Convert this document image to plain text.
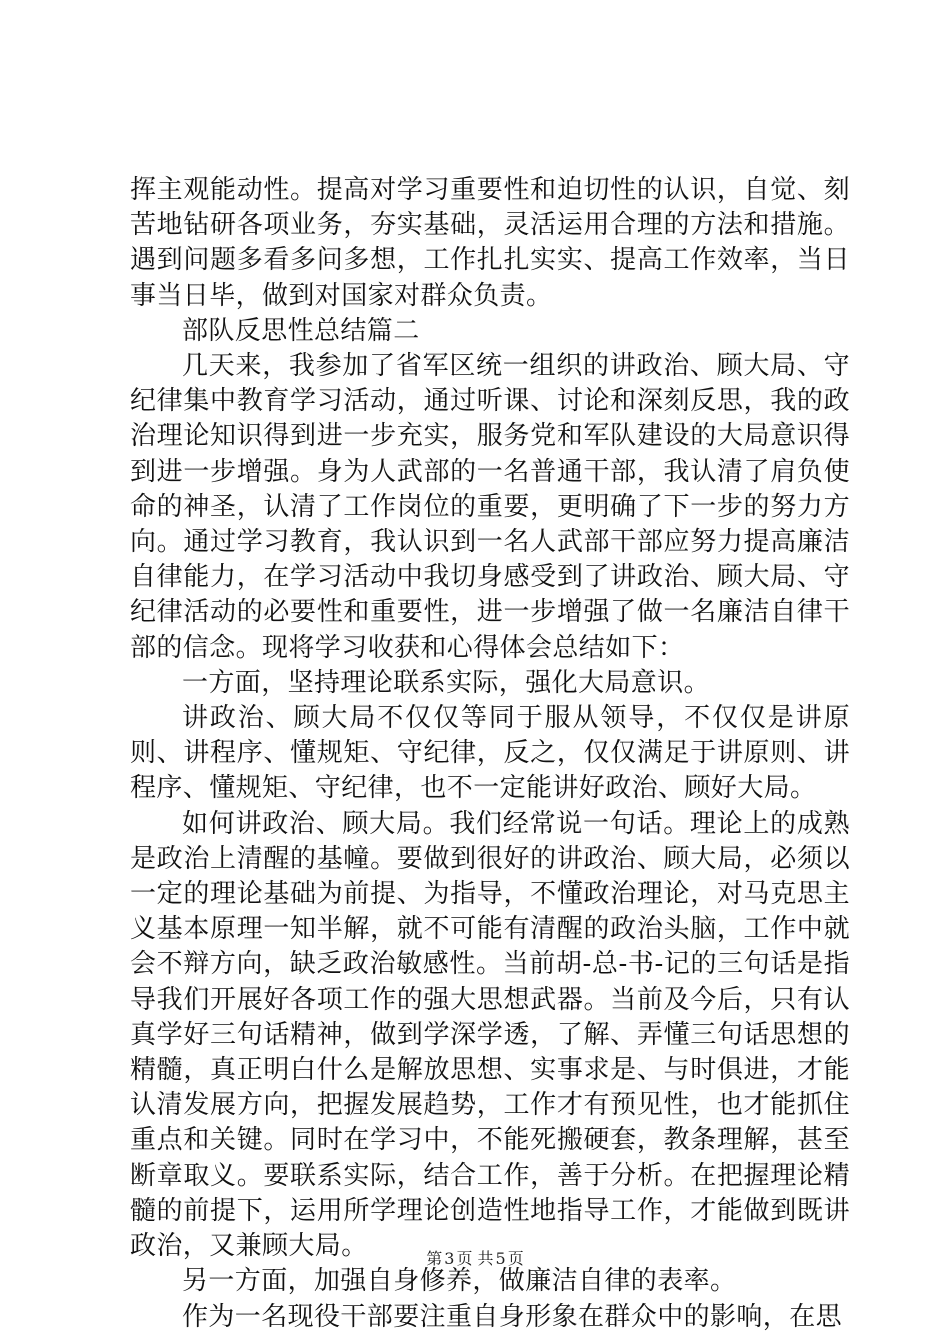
挥主观能动性。提高对学习重要性和迫切性的认识，自觉、刻苦地钻研各项业务，夯实基础，灵活运用合理的方法和措施。遇到问题多看多问多想，工作扎扎实实、提高工作效率，当日事当日毕，做到对国家对群众负责。

部队反思性总结篇二

几天来，我参加了省军区统一组织的讲政治、顾大局、守纪律集中教育学习活动，通过听课、讨论和深刻反思，我的政治理论知识得到进一步充实，服务党和军队建设的大局意识得到进一步增强。身为人武部的一名普通干部，我认清了肩负使命的神圣，认清了工作岗位的重要，更明确了下一步的努力方向。通过学习教育，我认识到一名人武部干部应努力提高廉洁自律能力，在学习活动中我切身感受到了讲政治、顾大局、守纪律活动的必要性和重要性，进一步增强了做一名廉洁自律干部的信念。现将学习收获和心得体会总结如下：

一方面，坚持理论联系实际，强化大局意识。

讲政治、顾大局不仅仅等同于服从领导，不仅仅是讲原则、讲程序、懂规矩、守纪律，反之，仅仅满足于讲原则、讲程序、懂规矩、守纪律，也不一定能讲好政治、顾好大局。

如何讲政治、顾大局。我们经常说一句话。理论上的成熟是政治上清醒的基幢。要做到很好的讲政治、顾大局，必须以一定的理论基础为前提、为指导，不懂政治理论，对马克思主义基本原理一知半解，就不可能有清醒的政治头脑，工作中就会不辩方向，缺乏政治敏感性。当前胡-总-书-记的三句话是指导我们开展好各项工作的强大思想武器。当前及今后，只有认真学好三句话精神，做到学深学透，了解、弄懂三句话思想的精髓，真正明白什么是解放思想、实事求是、与时俱进，才能认清发展方向，把握发展趋势，工作才有预见性，也才能抓住重点和关键。同时在学习中，不能死搬硬套，教条理解，甚至断章取义。要联系实际，结合工作，善于分析。在把握理论精髓的前提下，运用所学理论创造性地指导工作，才能做到既讲政治，又兼顾大局。

另一方面，加强自身修养，做廉洁自律的表率。

作为一名现役干部要注重自身形象在群众中的影响，在思

第 3 页 共 5 页
